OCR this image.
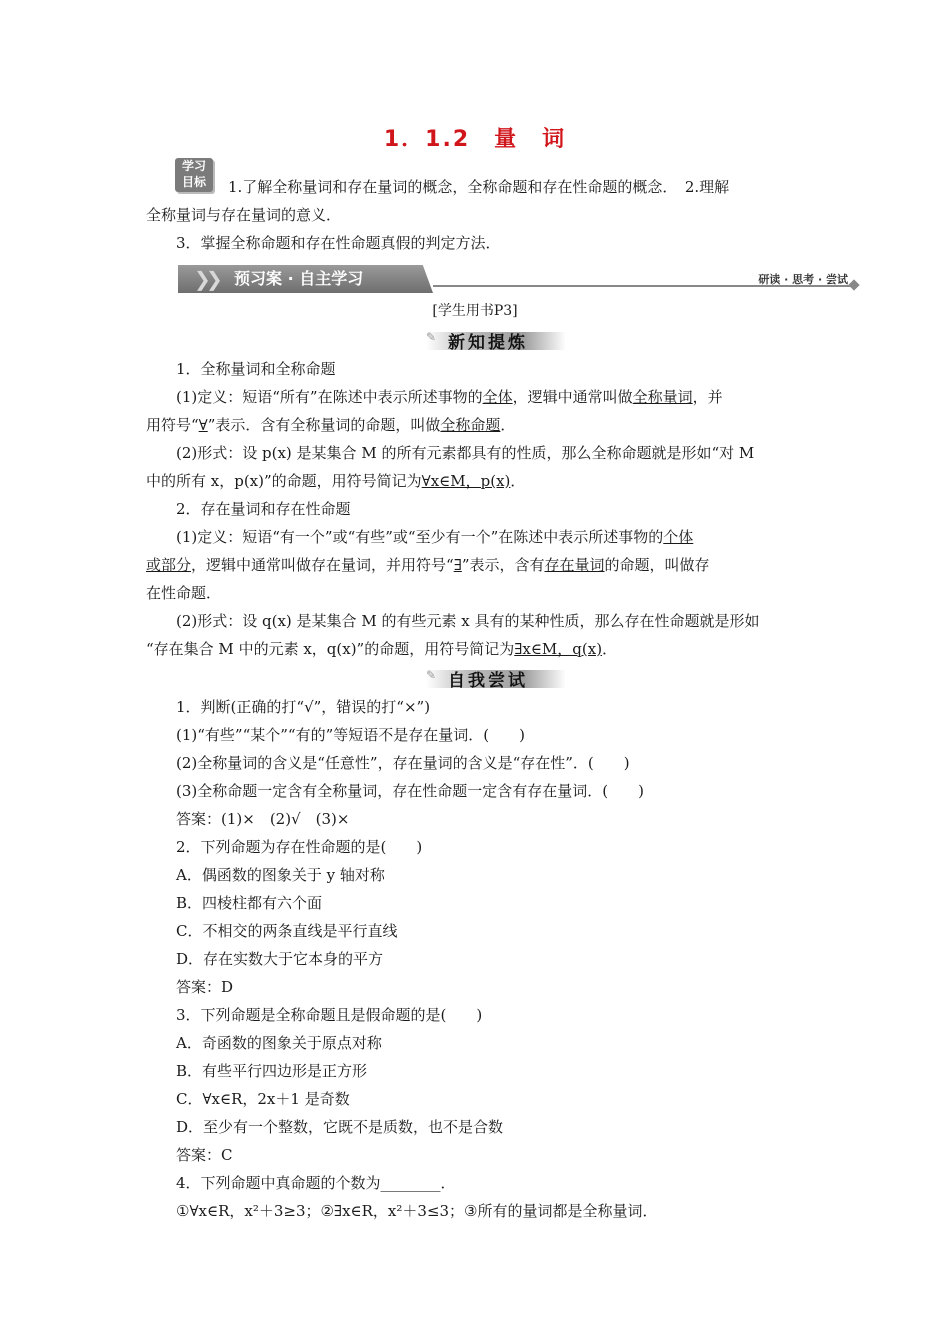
1．1.2　量　词
学习
目标	1.了解全称量词和存在量词的概念，全称命题和存在性命题的概念．　2.理解
全称量词与存在量词的意义．
3．掌握全称命题和存在性命题真假的判定方法．
❯
❯ 预习案 · 自主学习	研读 · 思考 · 尝试
[学生用书P3]
✎ 新知提炼
1．全称量词和全称命题
(1)定义：短语“所有”在陈述中表示所述事物的全体，逻辑中通常叫做全称量词，并
用符号“∀”表示．含有全称量词的命题，叫做全称命题．
(2)形式：设 p(x) 是某集合 M 的所有元素都具有的性质，那么全称命题就是形如“对 M
中的所有 x，p(x)”的命题，用符号简记为∀x∈M，p(x)．
2．存在量词和存在性命题
(1)定义：短语“有一个”或“有些”或“至少有一个”在陈述中表示所述事物的个体
或部分，逻辑中通常叫做存在量词，并用符号“∃”表示，含有存在量词的命题，叫做存
在性命题．
(2)形式：设 q(x) 是某集合 M 的有些元素 x 具有的某种性质，那么存在性命题就是形如
“存在集合 M 中的元素 x，q(x)”的命题，用符号简记为∃x∈M，q(x)．
✎ 自我尝试
1．判断(正确的打“√”，错误的打“×”)
(1)“有些”“某个”“有的”等短语不是存在量词．(　　)
(2)全称量词的含义是“任意性”，存在量词的含义是“存在性”．(　　)
(3)全称命题一定含有全称量词，存在性命题一定含有存在量词．(　　)
答案：(1)×　(2)√　(3)×
2．下列命题为存在性命题的是(　　)
A．偶函数的图象关于 y 轴对称
B．四棱柱都有六个面
C．不相交的两条直线是平行直线
D．存在实数大于它本身的平方
答案：D
3．下列命题是全称命题且是假命题的是(　　)
A．奇函数的图象关于原点对称
B．有些平行四边形是正方形
C．∀x∈R，2x＋1 是奇数
D．至少有一个整数，它既不是质数，也不是合数
答案：C
4．下列命题中真命题的个数为________．
①∀x∈R，x²＋3≥3；②∃x∈R，x²＋3≤3；③所有的量词都是全称量词．
